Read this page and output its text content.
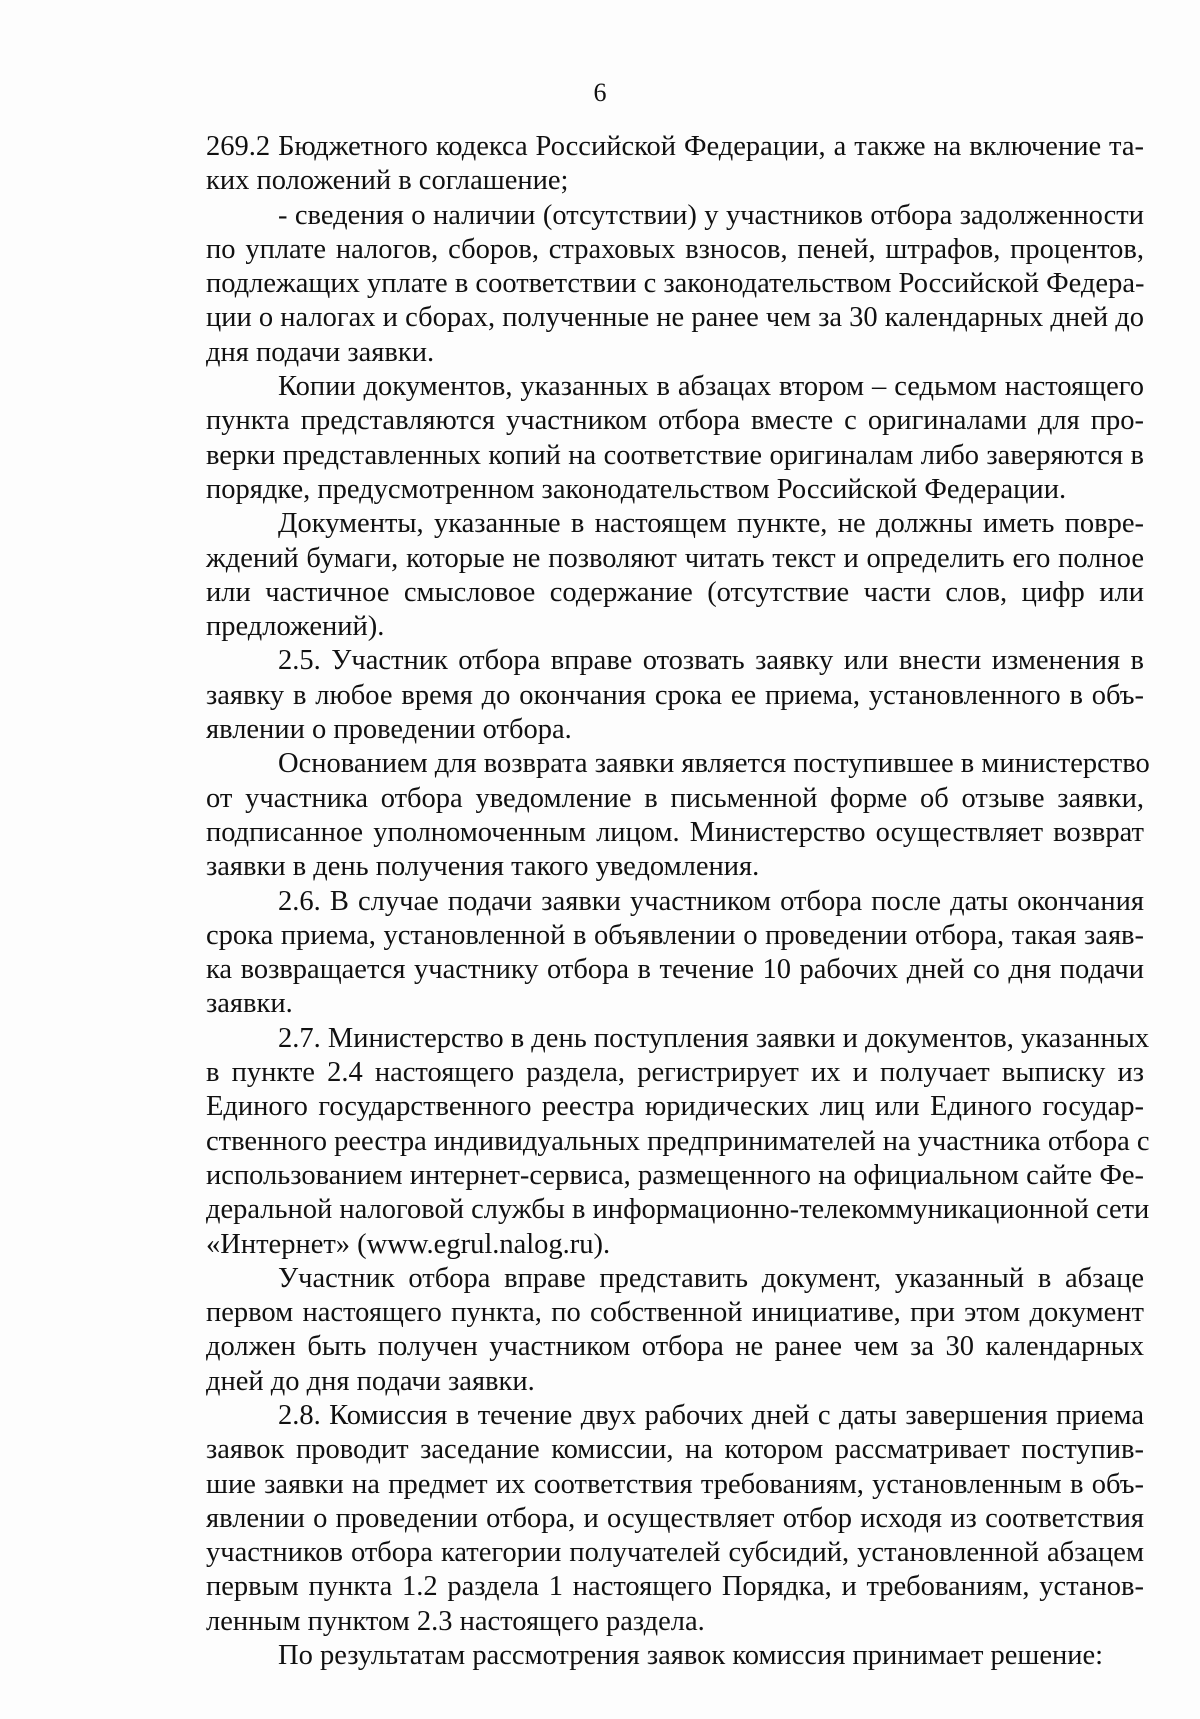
6
269.2 Бюджетного кодекса Российской Федерации, а также на включение та-
ких положений в соглашение;
- сведения о наличии (отсутствии) у участников отбора задолженности
по уплате налогов, сборов, страховых взносов, пеней, штрафов, процентов,
подлежащих уплате в соответствии с законодательством Российской Федера-
ции о налогах и сборах, полученные не ранее чем за 30 календарных дней до
дня подачи заявки.
Копии документов, указанных в абзацах втором – седьмом настоящего
пункта представляются участником отбора вместе с оригиналами для про-
верки представленных копий на соответствие оригиналам либо заверяются в
порядке, предусмотренном законодательством Российской Федерации.
Документы, указанные в настоящем пункте, не должны иметь повре-
ждений бумаги, которые не позволяют читать текст и определить его полное
или частичное смысловое содержание (отсутствие части слов, цифр или
предложений).
2.5. Участник отбора вправе отозвать заявку или внести изменения в
заявку в любое время до окончания срока ее приема, установленного в объ-
явлении о проведении отбора.
Основанием для возврата заявки является поступившее в министерство
от участника отбора уведомление в письменной форме об отзыве заявки,
подписанное уполномоченным лицом. Министерство осуществляет возврат
заявки в день получения такого уведомления.
2.6. В случае подачи заявки участником отбора после даты окончания
срока приема, установленной в объявлении о проведении отбора, такая заяв-
ка возвращается участнику отбора в течение 10 рабочих дней со дня подачи
заявки.
2.7. Министерство в день поступления заявки и документов, указанных
в пункте 2.4 настоящего раздела, регистрирует их и получает выписку из
Единого государственного реестра юридических лиц или Единого государ-
ственного реестра индивидуальных предпринимателей на участника отбора с
использованием интернет-сервиса, размещенного на официальном сайте Фе-
деральной налоговой службы в информационно-телекоммуникационной сети
«Интернет» (www.egrul.nalog.ru).
Участник отбора вправе представить документ, указанный в абзаце
первом настоящего пункта, по собственной инициативе, при этом документ
должен быть получен участником отбора не ранее чем за 30 календарных
дней до дня подачи заявки.
2.8. Комиссия в течение двух рабочих дней с даты завершения приема
заявок проводит заседание комиссии, на котором рассматривает поступив-
шие заявки на предмет их соответствия требованиям, установленным в объ-
явлении о проведении отбора, и осуществляет отбор исходя из соответствия
участников отбора категории получателей субсидий, установленной абзацем
первым пункта 1.2 раздела 1 настоящего Порядка, и требованиям, установ-
ленным пунктом 2.3 настоящего раздела.
По результатам рассмотрения заявок комиссия принимает решение:
